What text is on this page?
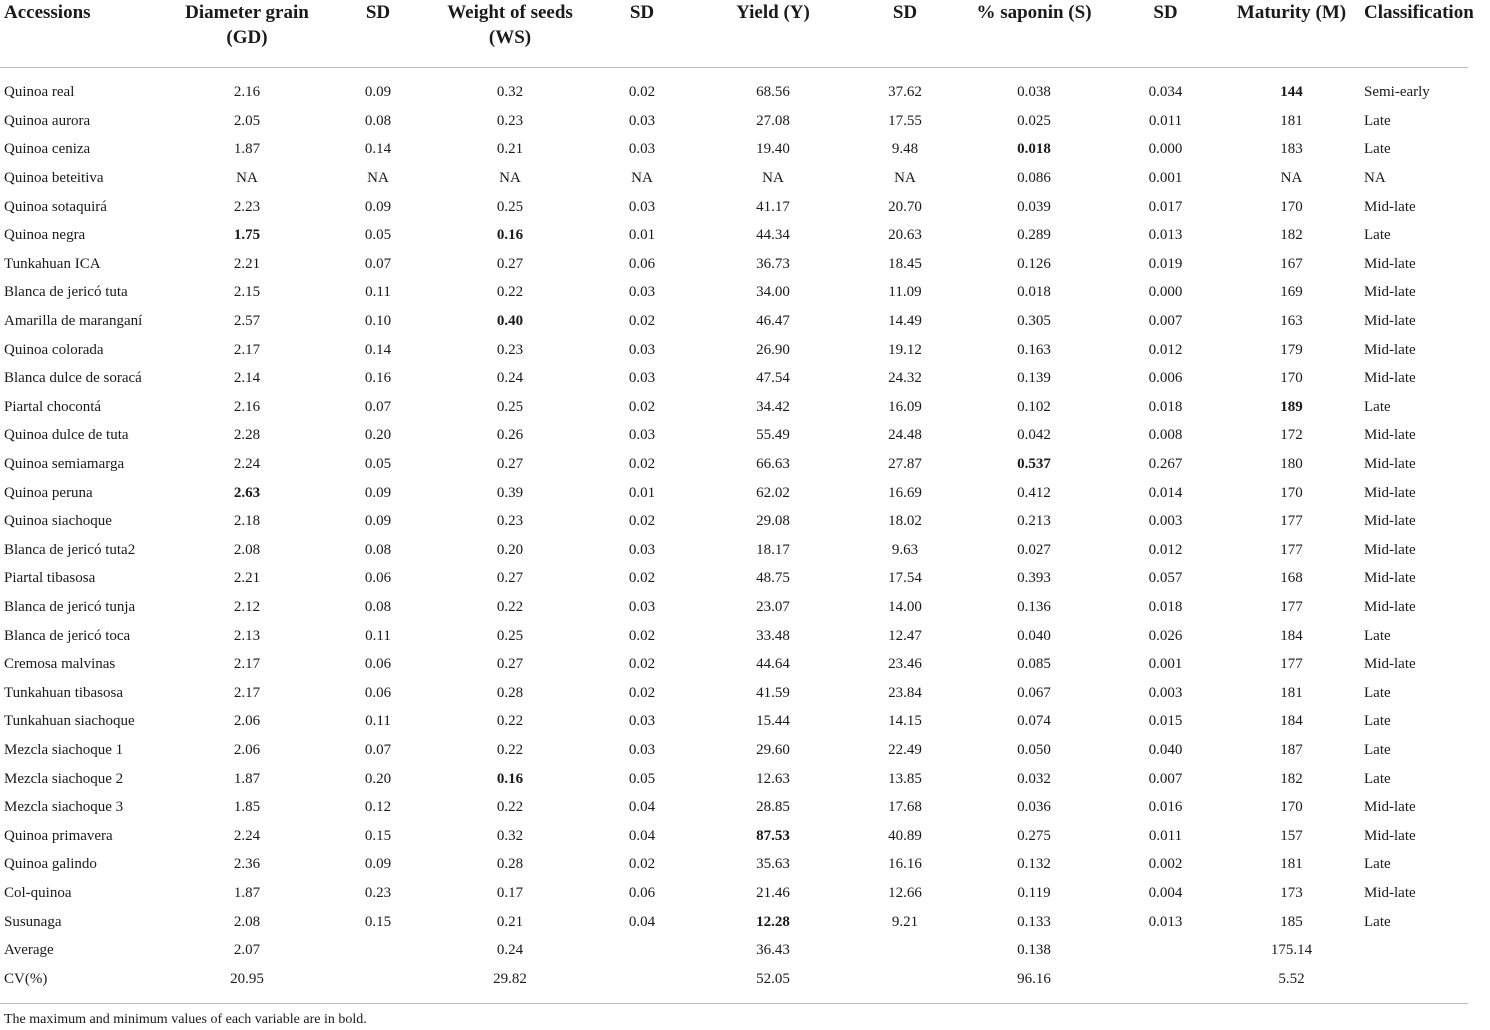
Accessions	Diameter grain (GD)	SD	Weight of seeds (WS)	SD	Yield (Y)	SD	% saponin (S)	SD	Maturity (M)	Classification
Quinoa real	2.16	0.09	0.32	0.02	68.56	37.62	0.038	0.034	144	Semi-early
Quinoa aurora	2.05	0.08	0.23	0.03	27.08	17.55	0.025	0.011	181	Late
Quinoa ceniza	1.87	0.14	0.21	0.03	19.40	9.48	0.018	0.000	183	Late
Quinoa beteitiva	NA	NA	NA	NA	NA	NA	0.086	0.001	NA	NA
Quinoa sotaquirá	2.23	0.09	0.25	0.03	41.17	20.70	0.039	0.017	170	Mid-late
Quinoa negra	1.75	0.05	0.16	0.01	44.34	20.63	0.289	0.013	182	Late
Tunkahuan ICA	2.21	0.07	0.27	0.06	36.73	18.45	0.126	0.019	167	Mid-late
Blanca de jericó tuta	2.15	0.11	0.22	0.03	34.00	11.09	0.018	0.000	169	Mid-late
Amarilla de maranganí	2.57	0.10	0.40	0.02	46.47	14.49	0.305	0.007	163	Mid-late
Quinoa colorada	2.17	0.14	0.23	0.03	26.90	19.12	0.163	0.012	179	Mid-late
Blanca dulce de soracá	2.14	0.16	0.24	0.03	47.54	24.32	0.139	0.006	170	Mid-late
Piartal chocontá	2.16	0.07	0.25	0.02	34.42	16.09	0.102	0.018	189	Late
Quinoa dulce de tuta	2.28	0.20	0.26	0.03	55.49	24.48	0.042	0.008	172	Mid-late
Quinoa semiamarga	2.24	0.05	0.27	0.02	66.63	27.87	0.537	0.267	180	Mid-late
Quinoa peruna	2.63	0.09	0.39	0.01	62.02	16.69	0.412	0.014	170	Mid-late
Quinoa siachoque	2.18	0.09	0.23	0.02	29.08	18.02	0.213	0.003	177	Mid-late
Blanca de jericó tuta2	2.08	0.08	0.20	0.03	18.17	9.63	0.027	0.012	177	Mid-late
Piartal tibasosa	2.21	0.06	0.27	0.02	48.75	17.54	0.393	0.057	168	Mid-late
Blanca de jericó tunja	2.12	0.08	0.22	0.03	23.07	14.00	0.136	0.018	177	Mid-late
Blanca de jericó toca	2.13	0.11	0.25	0.02	33.48	12.47	0.040	0.026	184	Late
Cremosa malvinas	2.17	0.06	0.27	0.02	44.64	23.46	0.085	0.001	177	Mid-late
Tunkahuan tibasosa	2.17	0.06	0.28	0.02	41.59	23.84	0.067	0.003	181	Late
Tunkahuan siachoque	2.06	0.11	0.22	0.03	15.44	14.15	0.074	0.015	184	Late
Mezcla siachoque 1	2.06	0.07	0.22	0.03	29.60	22.49	0.050	0.040	187	Late
Mezcla siachoque 2	1.87	0.20	0.16	0.05	12.63	13.85	0.032	0.007	182	Late
Mezcla siachoque 3	1.85	0.12	0.22	0.04	28.85	17.68	0.036	0.016	170	Mid-late
Quinoa primavera	2.24	0.15	0.32	0.04	87.53	40.89	0.275	0.011	157	Mid-late
Quinoa galindo	2.36	0.09	0.28	0.02	35.63	16.16	0.132	0.002	181	Late
Col-quinoa	1.87	0.23	0.17	0.06	21.46	12.66	0.119	0.004	173	Mid-late
Susunaga	2.08	0.15	0.21	0.04	12.28	9.21	0.133	0.013	185	Late
Average	2.07		0.24		36.43		0.138		175.14	
CV(%)	20.95		29.82		52.05		96.16		5.52	
The maximum and minimum values of each variable are in bold.
